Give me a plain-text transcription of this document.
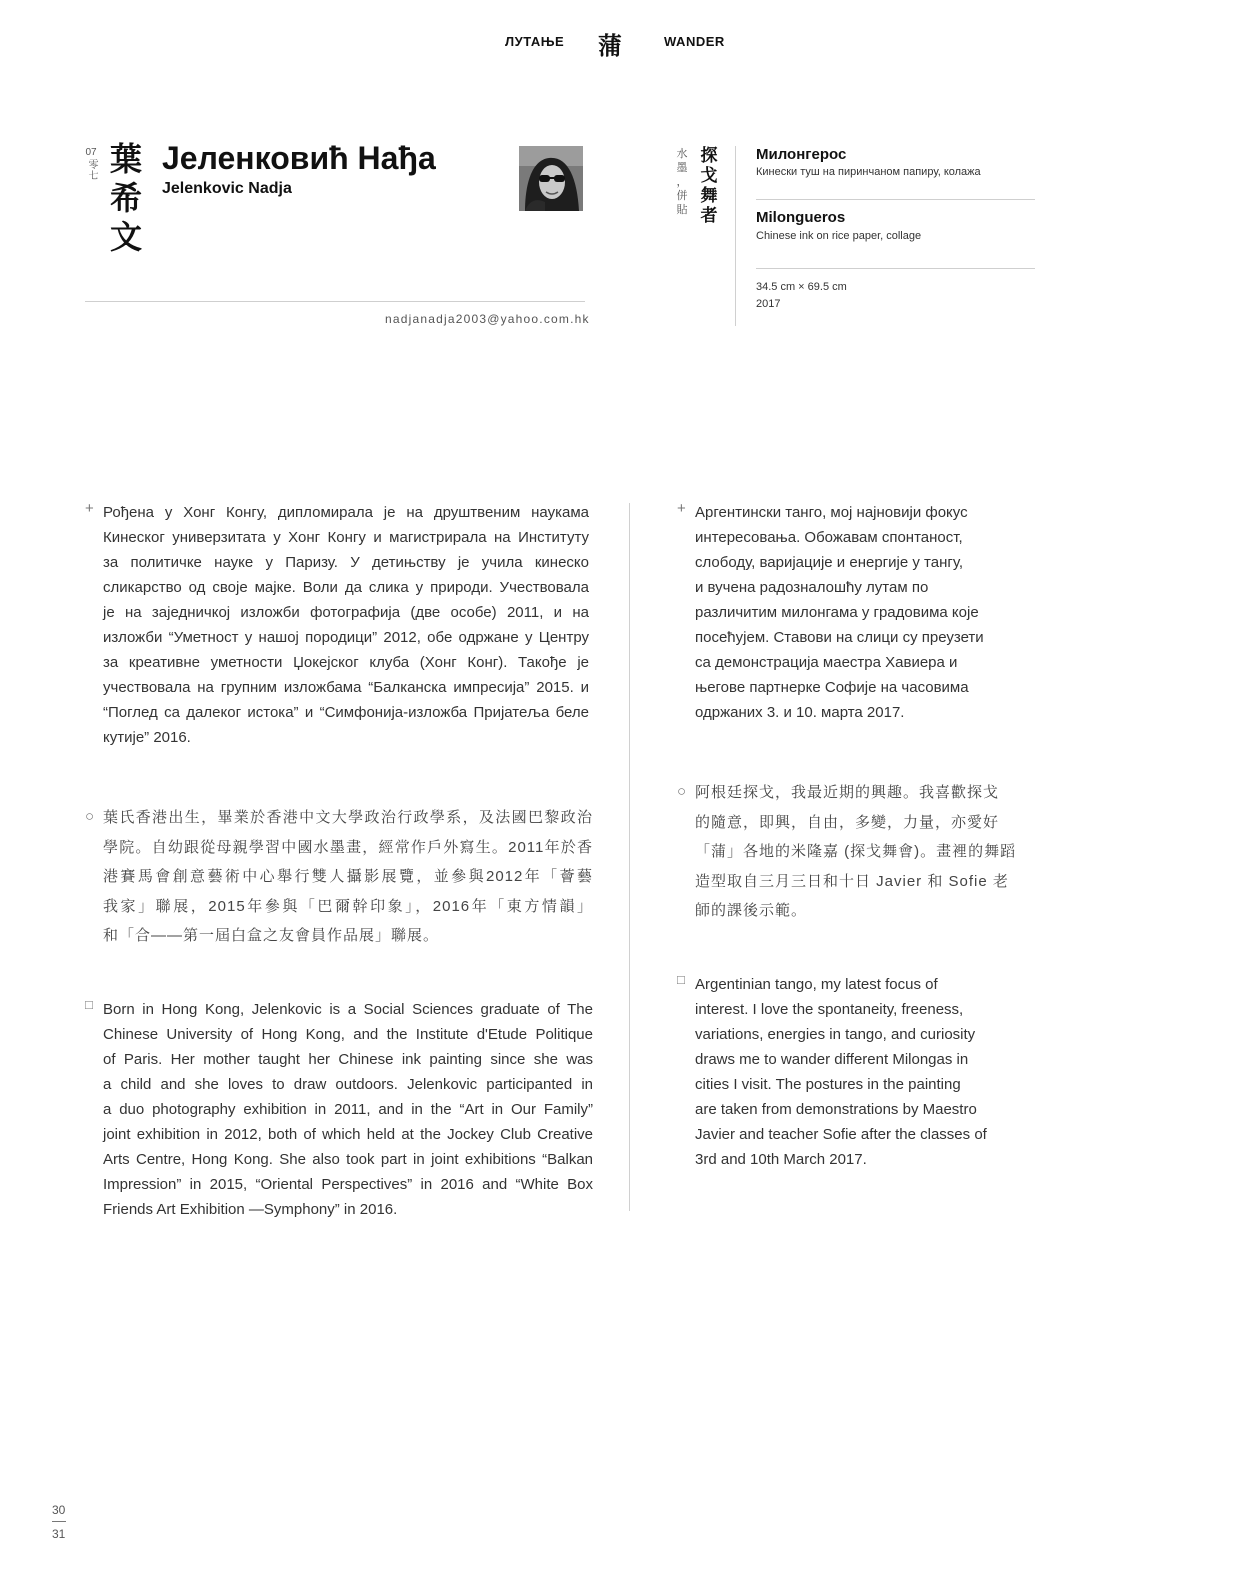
ЛУТАЊЕ 蒲	WANDER
07
零七 葉
希
文
Јеленковић Нађа
Jelenkovic Nadja
nadjanadja2003@yahoo.com.hk
水
墨
，
併
貼
探
戈
舞
者
Милонгерос
Кинески туш на пиринчаном папиру, колажа
Milongueros
Chinese ink on rice paper, collage
34.5 cm × 69.5 cm
2017
+ Рођена у Хонг Конгу, дипломирала је на друштвеним наукама
Кинеског универзитата у Хонг Конгу и магистрирала на Институту
за политичке науке у Паризу. У детињству је учила кинеско
сликарство од своје мајке. Воли да слика у природи. Учествовала
је на заједничкој изложби фотографија (две особе) 2011, и на
изложби “Уметност у нашој породици” 2012, обе одржане у Центру
за креативне уметности Џокејског клуба (Хонг Конг). Такође је
учествовала на групним изложбама “Балканска импресија” 2015. и
“Поглед са далеког истока” и “Симфонија-изложба Пријатеља беле
кутије” 2016.
○ 葉氏香港出生，畢業於香港中文大學政治行政學系，及法國巴黎政治
學院。自幼跟從母親學習中國水墨畫，經常作戶外寫生。2011年於香
港賽馬會創意藝術中心舉行雙人攝影展覽，並參與2012年「薈藝
我家」聯展，2015年參與「巴爾幹印象」，2016年「東方情韻」
和「合——第一屆白盒之友會員作品展」聯展。
□ Born in Hong Kong, Jelenkovic is a Social Sciences graduate of The
Chinese University of Hong Kong, and the Institute d'Etude Politique
of Paris. Her mother taught her Chinese ink painting since she was
a child and she loves to draw outdoors. Jelenkovic participanted in
a duo photography exhibition in 2011, and in the “Art in Our Family”
joint exhibition in 2012, both of which held at the Jockey Club Creative
Arts Centre, Hong Kong. She also took part in joint exhibitions “Balkan
Impression” in 2015, “Oriental Perspectives” in 2016 and “White Box
Friends Art Exhibition —Symphony” in 2016.
+ Аргентински танго, мој најновији фокус
интересовања. Обожавам спонтаност,
слободу, варијације и енергије у тангу,
и вучена радозналошћу лутам по
различитим милонгама у градовима које
посећујем. Ставови на слици су преузети
са демонстрација маестра Хавиера и
његове партнерке Софије на часовима
одржаних 3. и 10. марта 2017.
○ 阿根廷探戈，我最近期的興趣。我喜歡探戈
的隨意，即興，自由，多變，力量，亦愛好
「蒲」各地的米隆嘉 (探戈舞會)。畫裡的舞蹈
造型取自三月三日和十日 Javier 和 Sofie 老
師的課後示範。
□ Argentinian tango, my latest focus of
interest. I love the spontaneity, freeness,
variations, energies in tango, and curiosity
draws me to wander different Milongas in
cities I visit. The postures in the painting
are taken from demonstrations by Maestro
Javier and teacher Sofie after the classes of
3rd and 10th March 2017.
30
31
